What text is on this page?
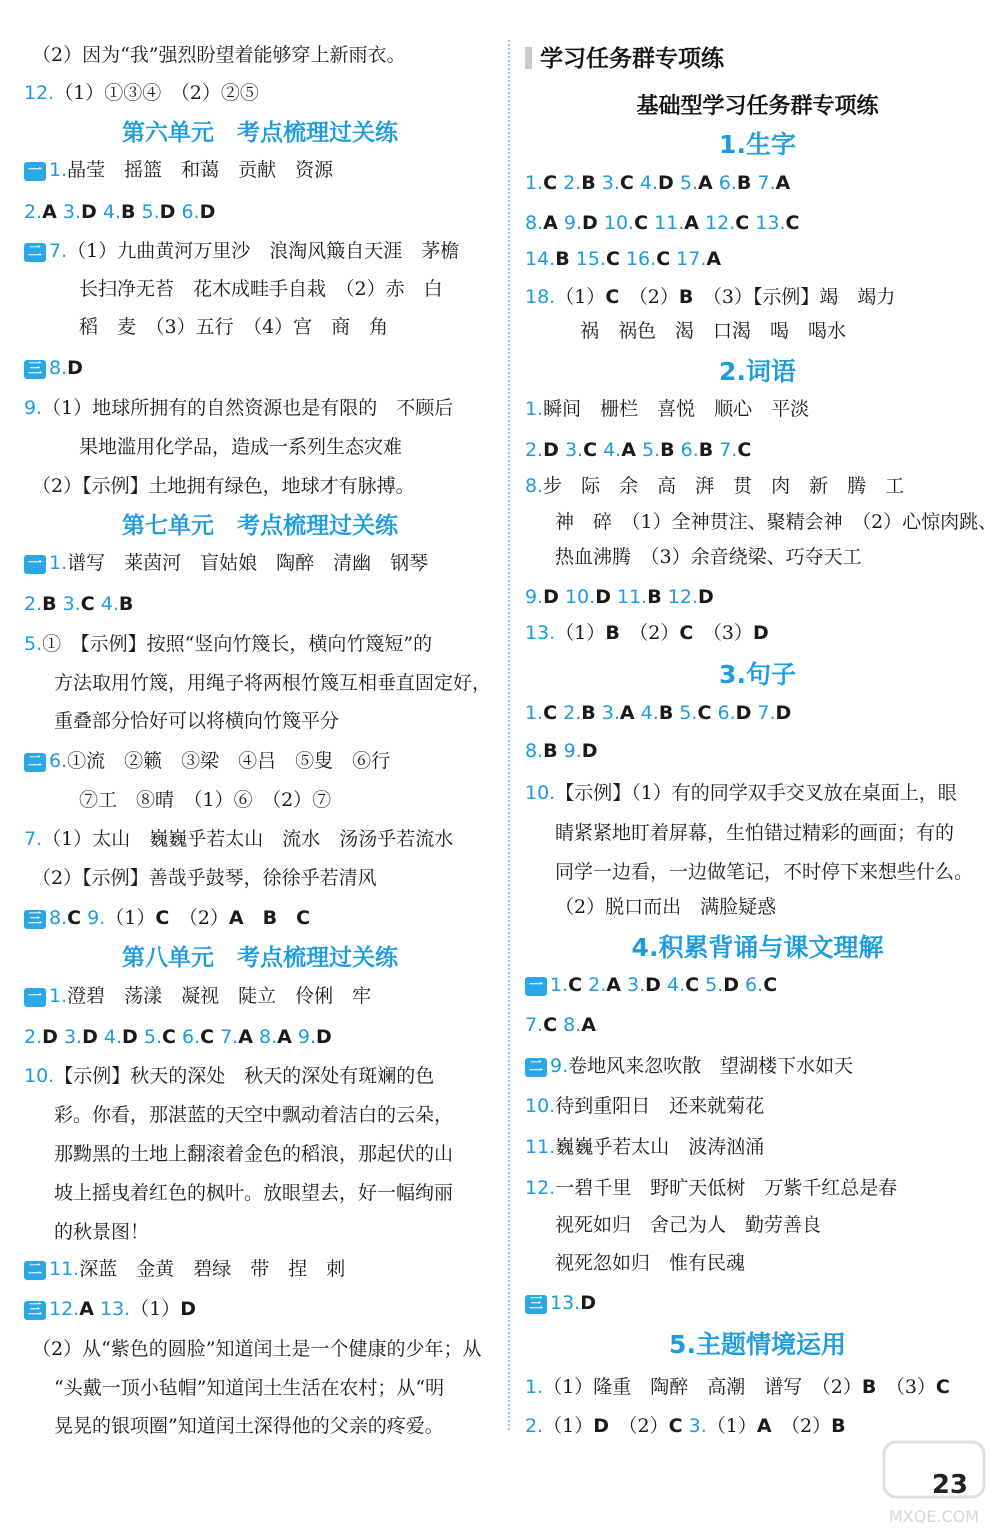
（2）因为“我”强烈盼望着能够穿上新雨衣。
12.（1）①③④　（2）②⑤
第六单元　考点梳理过关练
一 1.晶莹　摇篮　和蔼　贡献　资源
2.A 3.D 4.B 5.D 6.D
二 7.（1）九曲黄河万里沙　浪淘风簸自天涯　茅檐
长扫净无苔　花木成畦手自栽　（2）赤　白
稻　麦　（3）五行　（4）宫　商　角
三 8.D
9.（1）地球所拥有的自然资源也是有限的　不顾后
果地滥用化学品，造成一系列生态灾难
（2）【示例】土地拥有绿色，地球才有脉搏。
第七单元　考点梳理过关练
一 1.谱写　莱茵河　盲姑娘　陶醉　清幽　钢琴
2.B 3.C 4.B
5.①　【示例】按照“竖向竹篾长，横向竹篾短”的
方法取用竹篾，用绳子将两根竹篾互相垂直固定好，
重叠部分恰好可以将横向竹篾平分
二 6.①流　②籁　③梁　④吕　⑤叟　⑥行
⑦工　⑧晴　（1）⑥　（2）⑦
7.（1）太山　巍巍乎若太山　流水　汤汤乎若流水
（2）【示例】善哉乎鼓琴，徐徐乎若清风
三 8.C 9.（1）C　（2）A　B　C
第八单元　考点梳理过关练
一 1.澄碧　荡漾　凝视　陡立　伶俐　牢
2.D 3.D 4.D 5.C 6.C 7.A 8.A 9.D
10.【示例】秋天的深处　秋天的深处有斑斓的色
彩。你看，那湛蓝的天空中飘动着洁白的云朵，
那黝黑的土地上翻滚着金色的稻浪，那起伏的山
坡上摇曳着红色的枫叶。放眼望去，好一幅绚丽
的秋景图！
二 11.深蓝　金黄　碧绿　带　捏　刺
三 12.A 13.（1）D
（2）从“紫色的圆脸”知道闰土是一个健康的少年；从
“头戴一顶小毡帽”知道闰土生活在农村；从“明
晃晃的银项圈”知道闰土深得他的父亲的疼爱。
学习任务群专项练
基础型学习任务群专项练
1.生字
1.C 2.B 3.C 4.D 5.A 6.B 7.A
8.A 9.D 10.C 11.A 12.C 13.C
14.B 15.C 16.C 17.A
18.（1）C　（2）B　（3）【示例】竭　竭力
祸　祸色　渴　口渴　喝　喝水
2.词语
1.瞬间　栅栏　喜悦　顺心　平淡
2.D 3.C 4.A 5.B 6.B 7.C
8.步　际　余　高　湃　贯　肉　新　腾　工
神　碎　（1）全神贯注、聚精会神　（2）心惊肉跳、
热血沸腾　（3）余音绕梁、巧夺天工
9.D 10.D 11.B 12.D
13.（1）B　（2）C　（3）D
3.句子
1.C 2.B 3.A 4.B 5.C 6.D 7.D
8.B 9.D
10.【示例】（1）有的同学双手交叉放在桌面上，眼
睛紧紧地盯着屏幕，生怕错过精彩的画面；有的
同学一边看，一边做笔记，不时停下来想些什么。
（2）脱口而出　满脸疑惑
4.积累背诵与课文理解
一 1.C 2.A 3.D 4.C 5.D 6.C
7.C 8.A
二 9.卷地风来忽吹散　望湖楼下水如天
10.待到重阳日　还来就菊花
11.巍巍乎若太山　波涛汹涌
12.一碧千里　野旷天低树　万紫千红总是春
视死如归　舍己为人　勤劳善良
视死忽如归　惟有民魂
三 13.D
5.主题情境运用
1.（1）隆重　陶醉　高潮　谱写　（2）B　（3）C
2.（1）D　（2）C 3.（1）A　（2）B
MXQE.COM
23
